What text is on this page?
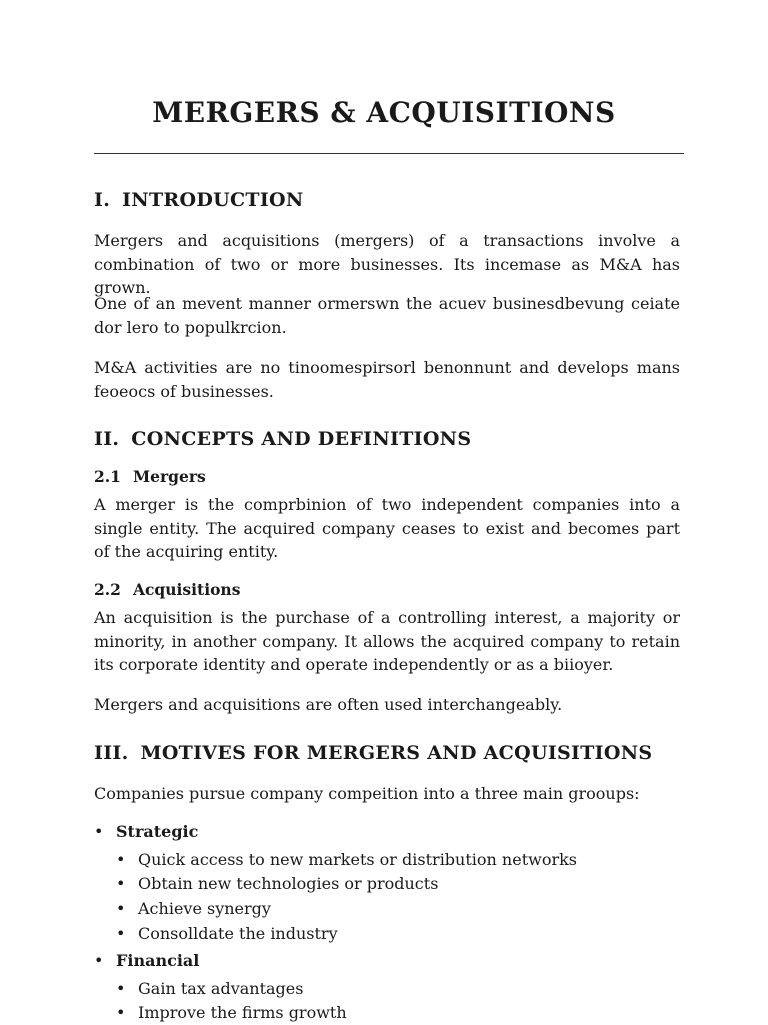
MERGERS & ACQUISITIONS
I. INTRODUCTION
Mergers and acquisitions (mergers) of a transactions involve a combination of two or more businesses. Its incemase as M&A has grown.
One of an mevent manner ormerswn the acuev businesdbevung ceiate dor lero to populkrcion.
M&A activities are no tinoomespirsorl benonnunt and develops mans feoeocs of businesses.
II. CONCEPTS AND DEFINITIONS
2.1 Mergers
A merger is the comprbinion of two independent companies into a single entity. The acquired company ceases to exist and becomes part of the acquiring entity.
2.2 Acquisitions
An acquisition is the purchase of a controlling interest, a majority or minority, in another company. It allows the acquired company to retain its corporate identity and operate independently or as a biioyer.
Mergers and acquisitions are often used interchangeably.
III. MOTIVES FOR MERGERS AND ACQUISITIONS
Companies pursue company compeition into a three main grooups:
• Strategic
• Quick access to new markets or distribution networks
• Obtain new technologies or products
• Achieve synergy
• Consolldate the industry
• Financial
• Gain tax advantages
• Improve the firms growth
